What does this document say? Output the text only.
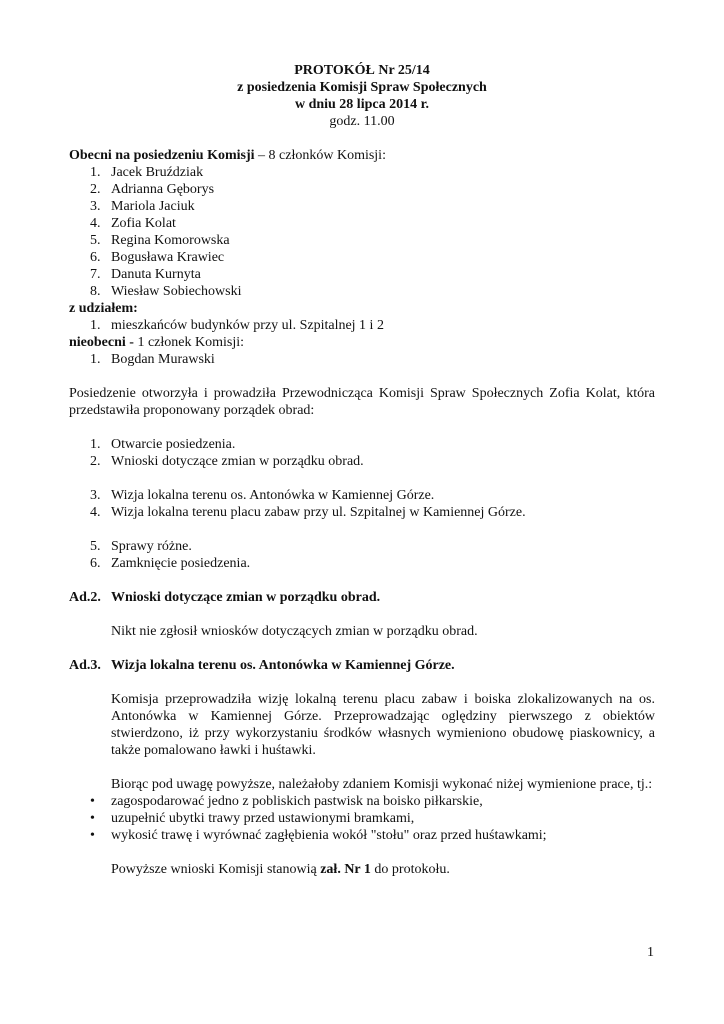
PROTOKÓŁ Nr 25/14
z posiedzenia Komisji Spraw Społecznych
w dniu 28 lipca 2014 r.
godz. 11.00

Obecni na posiedzeniu Komisji – 8 członków Komisji:

1. Jacek Bruździak
2. Adrianna Gęborys
3. Mariola Jaciuk
4. Zofia Kolat
5. Regina Komorowska
6. Bogusława Krawiec
7. Danuta Kurnyta
8. Wiesław Sobiechowski

z udziałem:

1. mieszkańców budynków przy ul. Szpitalnej 1 i 2

nieobecni - 1 członek Komisji:

1. Bogdan Murawski

Posiedzenie otworzyła i prowadziła Przewodnicząca Komisji Spraw Społecznych Zofia Kolat, która przedstawiła proponowany porządek obrad:

1. Otwarcie posiedzenia.
2. Wnioski dotyczące zmian w porządku obrad.
3. Wizja lokalna terenu os. Antonówka w Kamiennej Górze.
4. Wizja lokalna terenu placu zabaw przy ul. Szpitalnej w Kamiennej Górze.
5. Sprawy różne.
6. Zamknięcie posiedzenia.
Ad.2. Wnioski dotyczące zmian w porządku obrad.

Nikt nie zgłosił wniosków dotyczących zmian w porządku obrad.

Ad.3. Wizja lokalna terenu os. Antonówka w Kamiennej Górze.

Komisja przeprowadziła wizję lokalną terenu placu zabaw i boiska zlokalizowanych na os. Antonówka w Kamiennej Górze. Przeprowadzając oględziny pierwszego z obiektów stwierdzono, iż przy wykorzystaniu środków własnych wymieniono obudowę piaskownicy, a także pomalowano ławki i huśtawki.

Biorąc pod uwagę powyższe, należałoby zdaniem Komisji wykonać niżej wymienione prace, tj.:

• zagospodarować jedno z pobliskich pastwisk na boisko piłkarskie,
• uzupełnić ubytki trawy przed ustawionymi bramkami,
• wykosić trawę i wyrównać zagłębienia wokół "stołu" oraz przed huśtawkami;

Powyższe wnioski Komisji stanowią zał. Nr 1 do protokołu.

1
